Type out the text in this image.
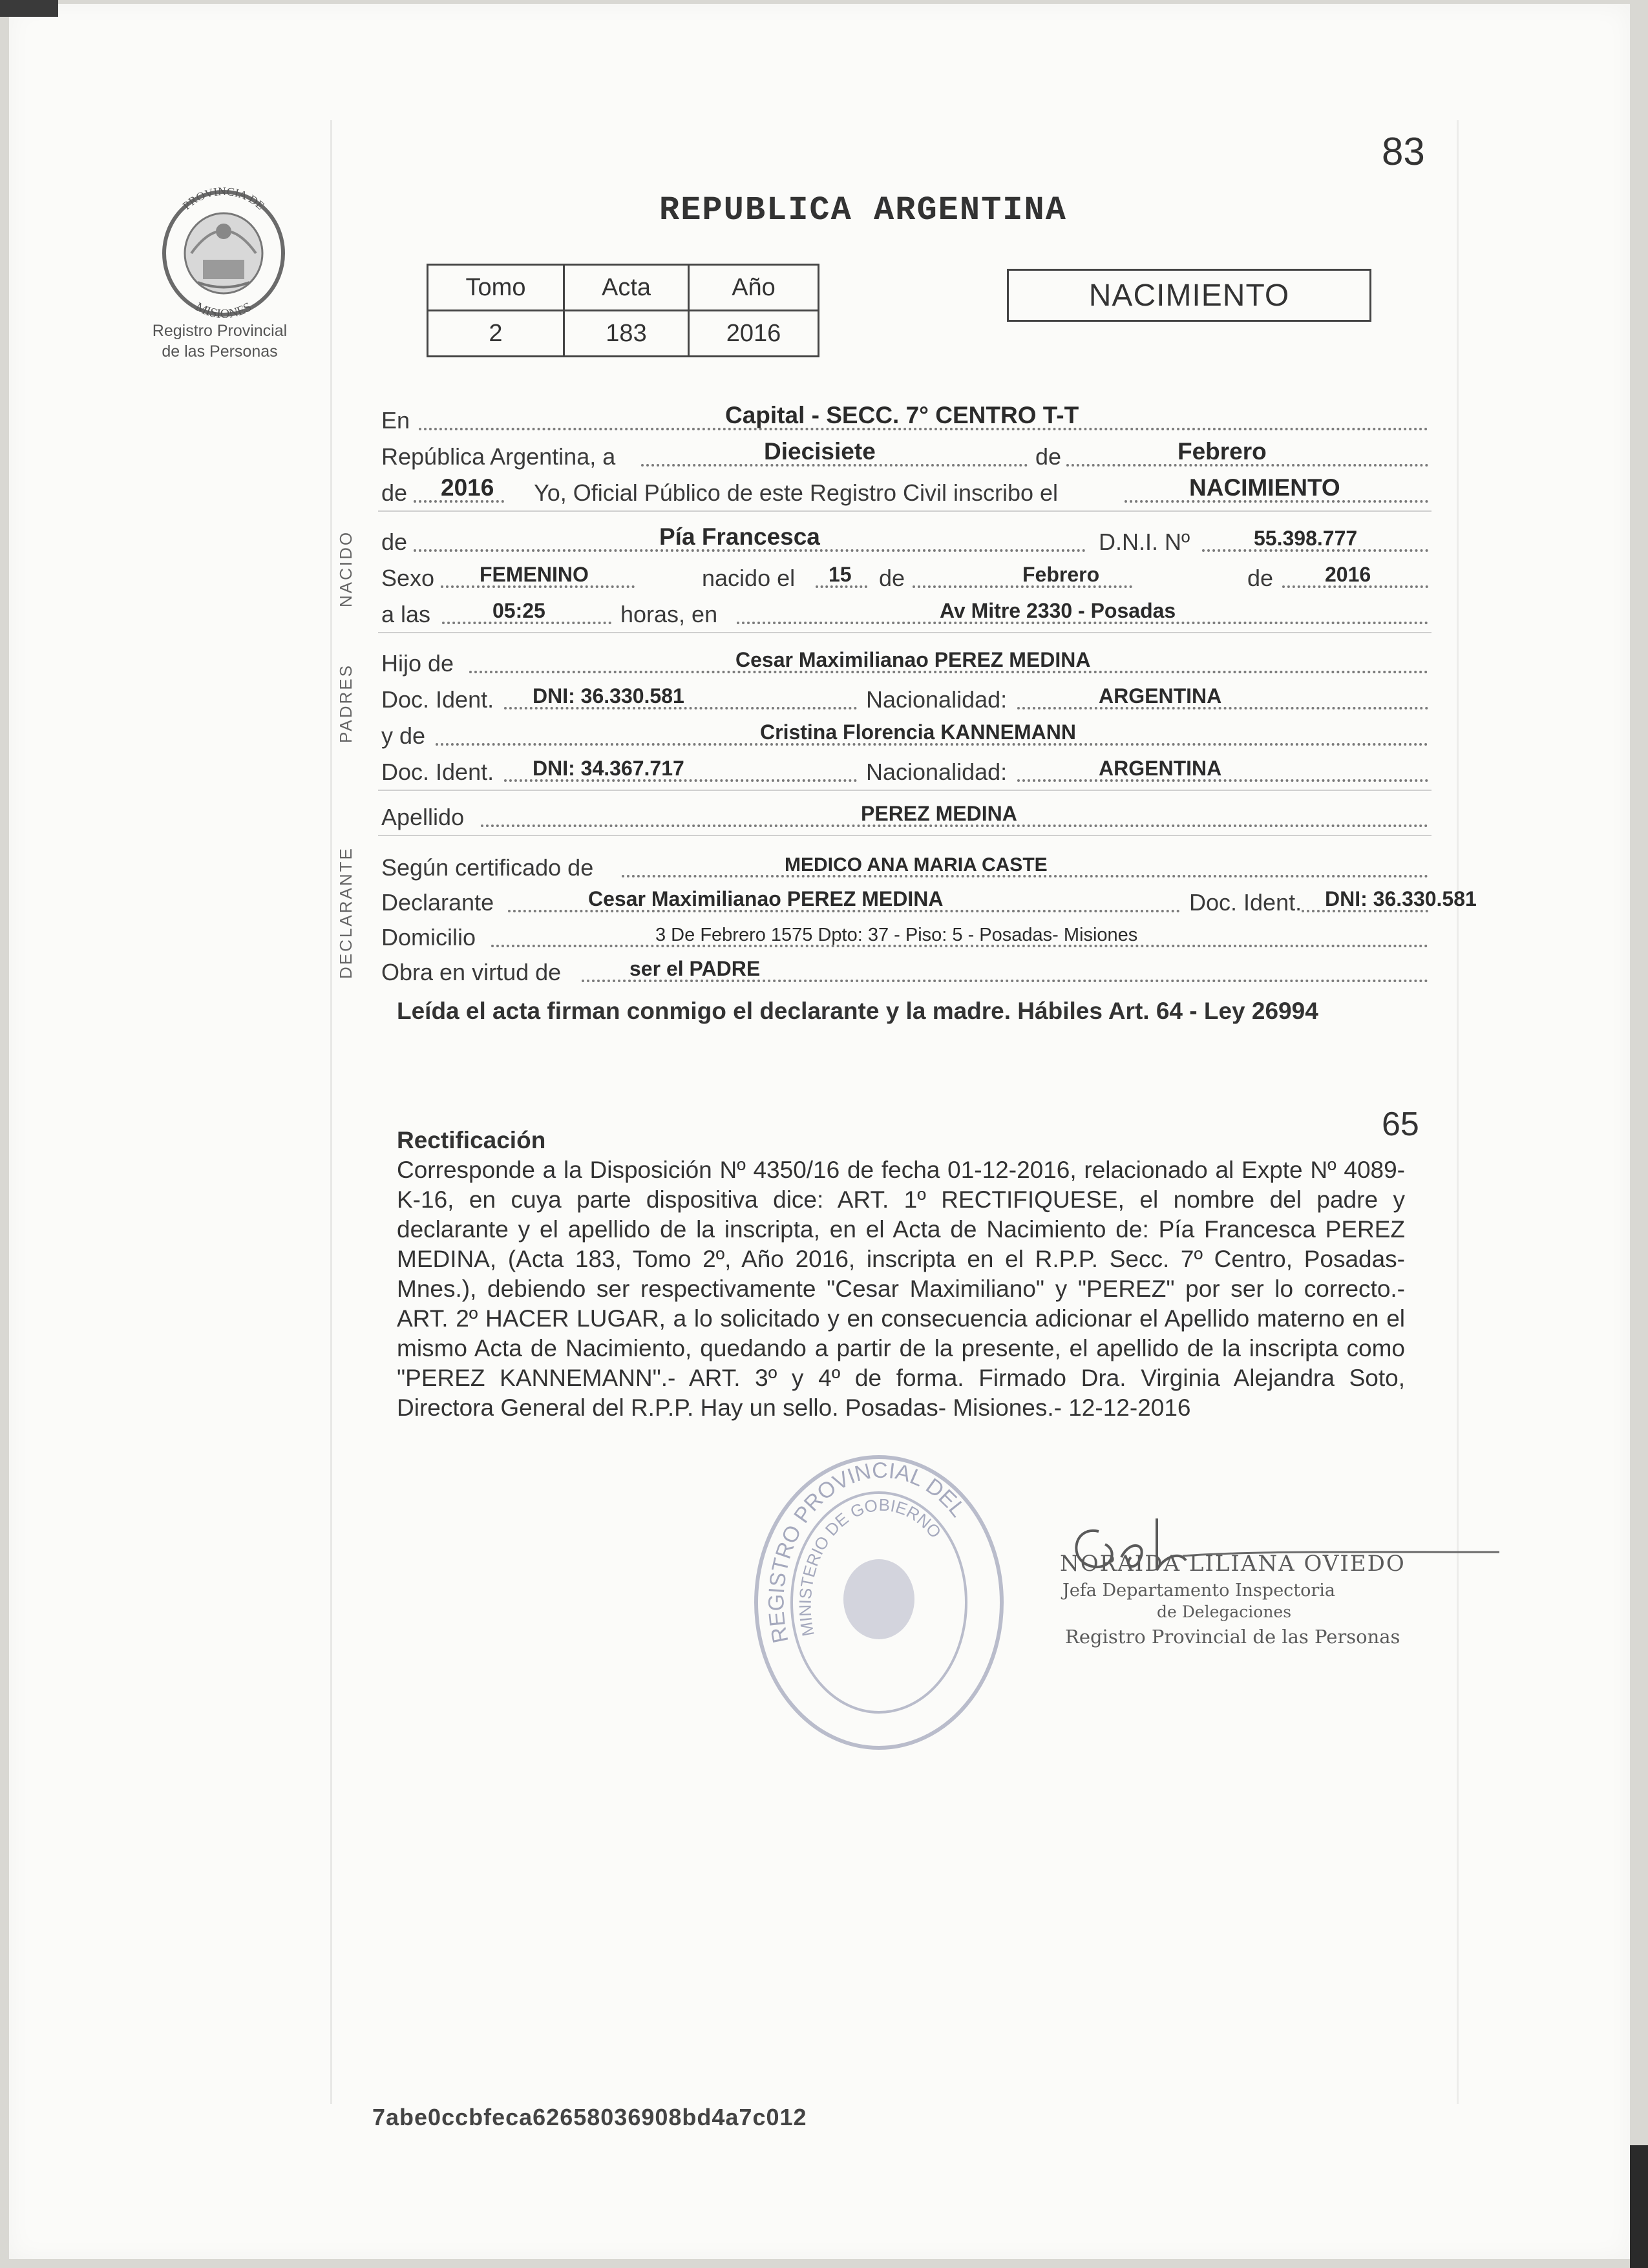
83
REPUBLICA ARGENTINA
PROVINCIA DE
MISIONES
Registro Provincial
de las Personas
Tomo	Acta	Año
2	183	2016
NACIMIENTO
En	Capital - SECC. 7° CENTRO T-T
República Argentina, a	Diecisiete	de	Febrero
de 2016 Yo, Oficial Público de este Registro Civil inscribo el	NACIMIENTO
NACIDO de	Pía Francesca	D.N.I. Nº	55.398.777
Sexo FEMENINO	nacido el 15 de	Febrero	de 2016
a las	05:25	horas, en	Av Mitre 2330 - Posadas
PADRES
Hijo de	Cesar Maximilianao PEREZ MEDINA
Doc. Ident. DNI: 36.330.581	Nacionalidad:	ARGENTINA
y de	Cristina Florencia KANNEMANN
Doc. Ident. DNI: 34.367.717	Nacionalidad:	ARGENTINA
Apellido	PEREZ MEDINA
DECLARANTE Según certificado de	MEDICO ANA MARIA CASTE
Declarante	Cesar Maximilianao PEREZ MEDINA	Doc. Ident. DNI: 36.330.581
Domicilio	3 De Febrero 1575 Dpto: 37 - Piso: 5 - Posadas- Misiones
Obra en virtud de	ser el PADRE
Leída el acta firman conmigo el declarante y la madre. Hábiles Art. 64 - Ley 26994
65
Rectificación
Corresponde a la Disposición Nº 4350/16 de fecha 01-12-2016, relacionado al Expte Nº 4089-K-16, en cuya parte dispositiva dice: ART. 1º RECTIFIQUESE, el nombre del padre y declarante y el apellido de la inscripta, en el Acta de Nacimiento de: Pía Francesca PEREZ MEDINA, (Acta 183, Tomo 2º, Año 2016, inscripta en el R.P.P. Secc. 7º Centro, Posadas-Mnes.), debiendo ser respectivamente "Cesar Maximiliano" y "PEREZ" por ser lo correcto.- ART. 2º HACER LUGAR, a lo solicitado y en consecuencia adicionar el Apellido materno en el mismo Acta de Nacimiento, quedando a partir de la presente, el apellido de la inscripta como "PEREZ KANNEMANN".- ART. 3º y 4º de forma. Firmado Dra. Virginia Alejandra Soto, Directora General del R.P.P. Hay un sello. Posadas- Misiones.- 12-12-2016
REGISTRO PROVINCIAL DEL
MINISTERIO DE GOBIERNO
NORAIDA LILIANA OVIEDO
Jefa Departamento Inspectoria
de Delegaciones
Registro Provincial de las Personas
7abe0ccbfeca62658036908bd4a7c012
